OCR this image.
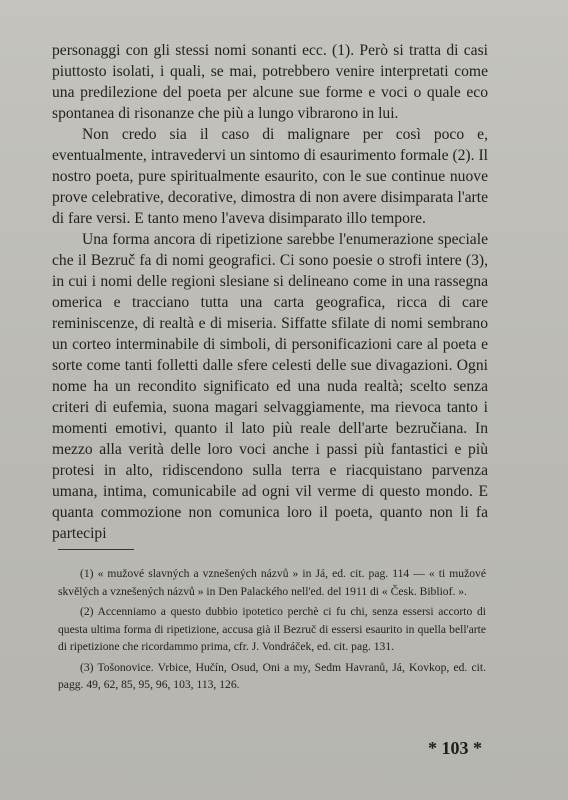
personaggi con gli stessi nomi sonanti ecc. (1). Però si tratta di casi piuttosto isolati, i quali, se mai, potrebbero venire interpretati come una predilezione del poeta per alcune sue forme e voci o quale eco spontanea di risonanze che più a lungo vibrarono in lui.

Non credo sia il caso di malignare per così poco e, eventualmente, intravedervi un sintomo di esaurimento formale (2). Il nostro poeta, pure spiritualmente esaurito, con le sue continue nuove prove celebrative, decorative, dimostra di non avere disimparata l'arte di fare versi. E tanto meno l'aveva disimparato illo tempore.

Una forma ancora di ripetizione sarebbe l'enumerazione speciale che il Bezruč fa di nomi geografici. Ci sono poesie o strofi intere (3), in cui i nomi delle regioni slesiane si delineano come in una rassegna omerica e tracciano tutta una carta geografica, ricca di care reminiscenze, di realtà e di miseria. Siffatte sfilate di nomi sembrano un corteo interminabile di simboli, di personificazioni care al poeta e sorte come tanti folletti dalle sfere celesti delle sue divagazioni. Ogni nome ha un recondito significato ed una nuda realtà; scelto senza criteri di eufemia, suona magari selvaggiamente, ma rievoca tanto i momenti emotivi, quanto il lato più reale dell'arte bezručiana. In mezzo alla verità delle loro voci anche i passi più fantastici e più protesi in alto, ridiscendono sulla terra e riacquistano parvenza umana, intima, comunicabile ad ogni vil verme di questo mondo. E quanta commozione non comunica loro il poeta, quanto non li fa partecipi

(1) « mužové slavných a vznešených názvů » in Já, ed. cit. pag. 114 — « ti mužové skvělých a vznešených názvů » in Den Palackého nell'ed. del 1911 di « Česk. Bibliof. ».

(2) Accenniamo a questo dubbio ipotetico perchè ci fu chi, senza essersi accorto di questa ultima forma di ripetizione, accusa già il Bezruč di essersi esaurito in quella bell'arte di ripetizione che ricordammo prima, cfr. J. Vondráček, ed. cit. pag. 131.

(3) Tošonovice. Vrbice, Hučín, Osud, Oni a my, Sedm Havranů, Já, Kovkop, ed. cit. pagg. 49, 62, 85, 95, 96, 103, 113, 126.

* 103 *
